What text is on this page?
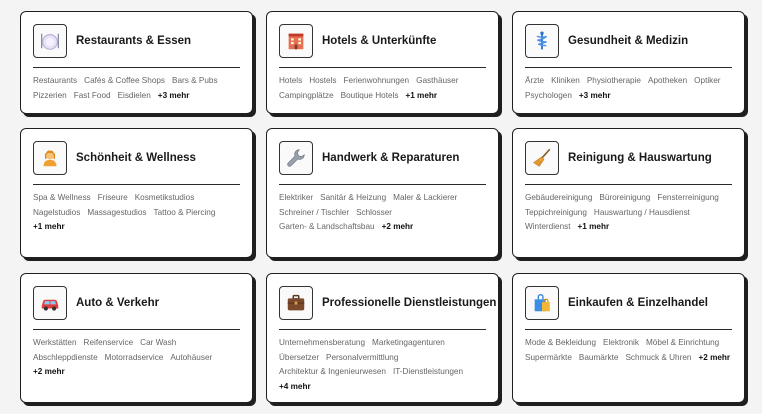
Restaurants & Essen
Restaurants Cafés & Coffee Shops Bars & Pubs
Pizzerien Fast Food Eisdielen +3 mehr
Hotels & Unterkünfte
Hotels Hostels Ferienwohnungen Gasthäuser
Campingplätze Boutique Hotels +1 mehr
Gesundheit & Medizin
Ärzte Kliniken Physiotherapie Apotheken Optiker
Psychologen +3 mehr
Schönheit & Wellness
Spa & Wellness Friseure Kosmetikstudios
Nagelstudios Massagestudios Tattoo & Piercing
+1 mehr
Handwerk & Reparaturen
Elektriker Sanitär & Heizung Maler & Lackierer
Schreiner / Tischler Schlosser
Garten- & Landschaftsbau +2 mehr
Reinigung & Hauswartung
Gebäudereinigung Büroreinigung Fensterreinigung
Teppichreinigung Hauswartung / Hausdienst
Winterdienst +1 mehr
Auto & Verkehr
Werkstätten Reifenservice Car Wash
Abschleppdienste Motorradservice Autohäuser
+2 mehr
Professionelle Dienstleistungen
Unternehmensberatung Marketingagenturen
Übersetzer Personalvermittlung
Architektur & Ingenieurwesen IT-Dienstleistungen
+4 mehr
Einkaufen & Einzelhandel
Mode & Bekleidung Elektronik Möbel & Einrichtung
Supermärkte Baumärkte Schmuck & Uhren +2 mehr
